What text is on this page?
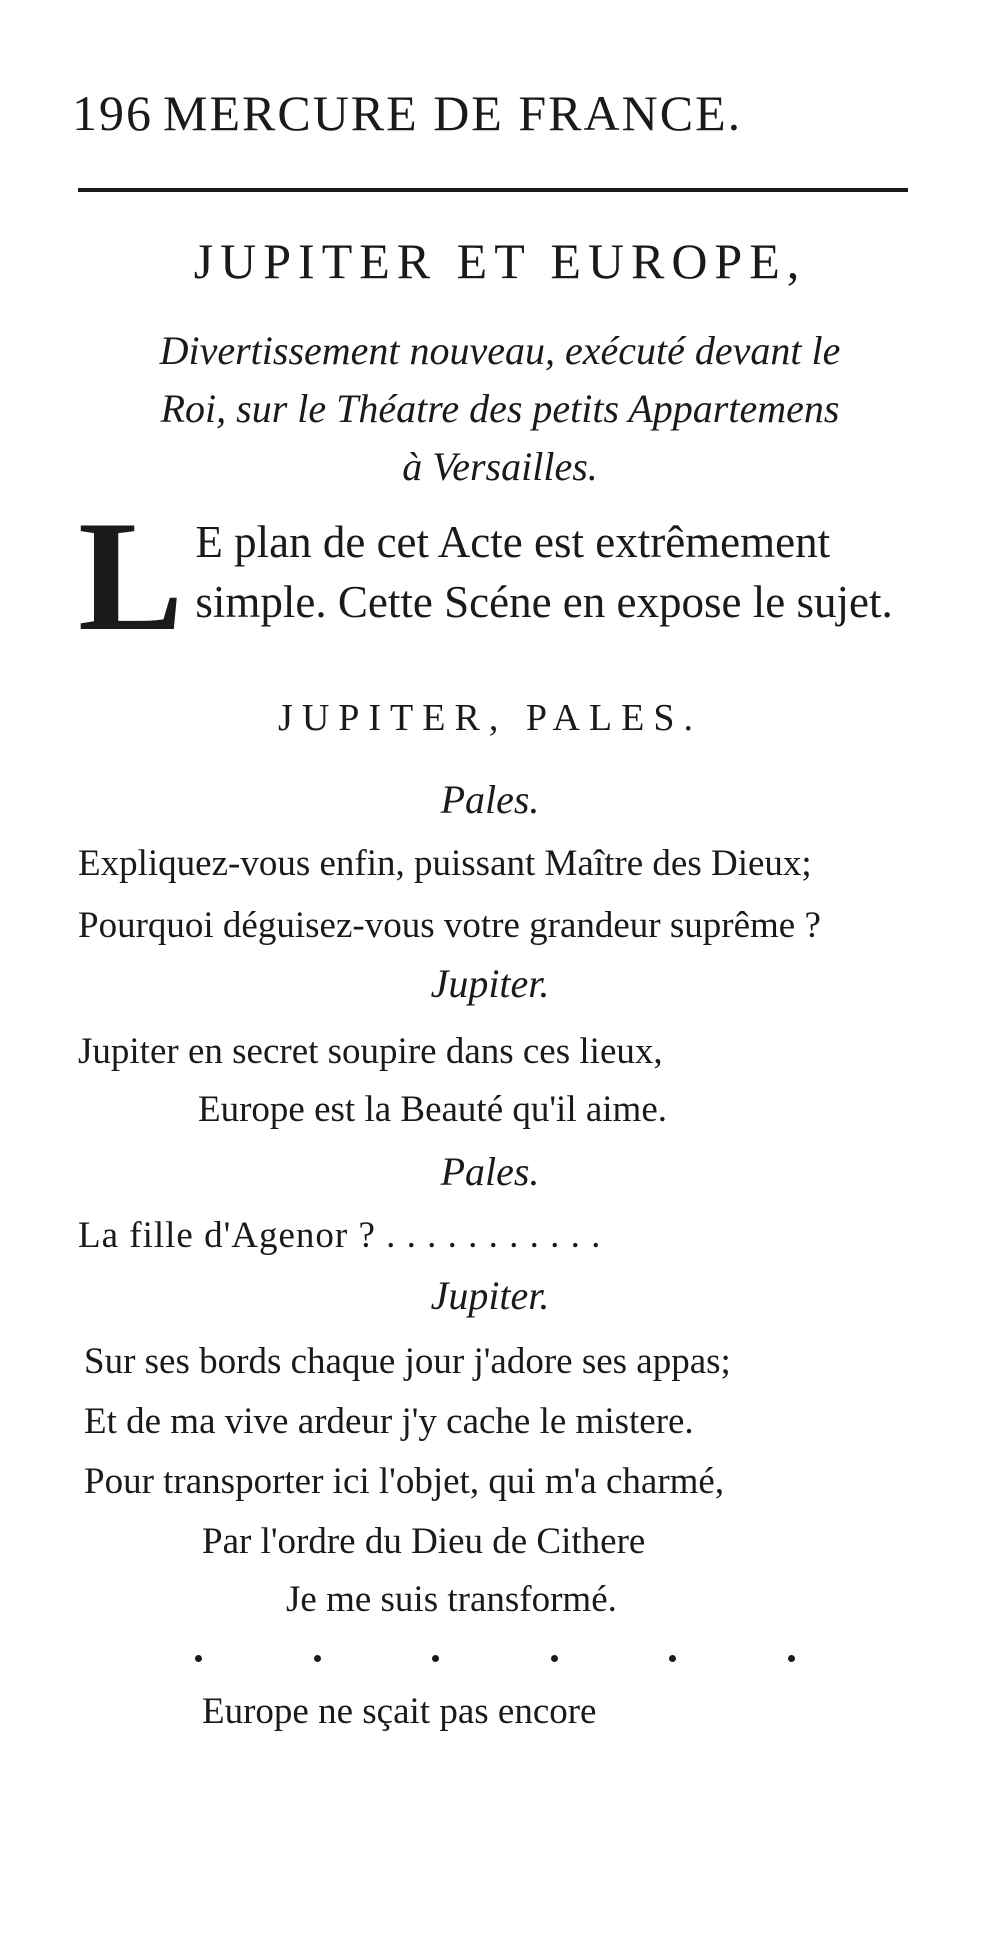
196 MERCURE DE FRANCE.
JUPITER ET EUROPE,
Divertissement nouveau, exécuté devant le
Roi, sur le Théatre des petits Appartemens
à Versailles.
L E plan de cet Acte est extrêmement simple. Cette Scéne en expose le sujet.
JUPITER, PALES.
Pales.
Expliquez-vous enfin, puissant Maître des Dieux;
Pourquoi déguisez-vous votre grandeur suprême ?
Jupiter.
Jupiter en secret soupire dans ces lieux,
Europe est la Beauté qu'il aime.
Pales.
La fille d'Agenor ? . . . . . . . . . . .
Jupiter.
Sur ses bords chaque jour j'adore ses appas;
Et de ma vive ardeur j'y cache le mistere.
Pour transporter ici l'objet, qui m'a charmé,
Par l'ordre du Dieu de Cithere
Je me suis transformé.
Europe ne sçait pas encore
